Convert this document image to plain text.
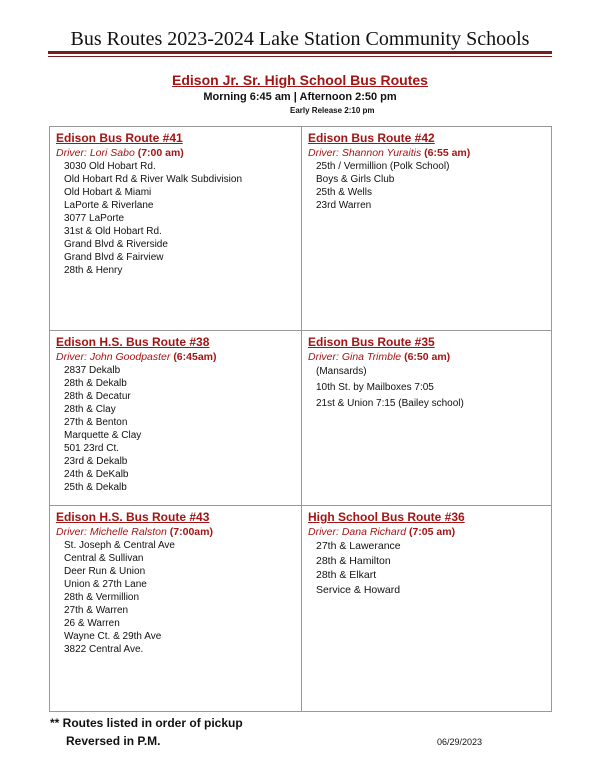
Bus Routes 2023-2024 Lake Station Community Schools
Edison Jr. Sr. High School Bus Routes
Morning 6:45 am | Afternoon 2:50 pm
Early Release 2:10 pm
Edison Bus Route #41
Driver: Lori Sabo (7:00 am)
3030 Old Hobart Rd.
Old Hobart Rd & River Walk Subdivision
Old Hobart & Miami
LaPorte & Riverlane
3077 LaPorte
31st & Old Hobart Rd.
Grand Blvd & Riverside
Grand Blvd & Fairview
28th & Henry
Edison Bus Route #42
Driver: Shannon Yuraitis (6:55 am)
25th / Vermillion (Polk School)
Boys & Girls Club
25th & Wells
23rd Warren
Edison H.S. Bus Route #38
Driver: John Goodpaster (6:45am)
2837 Dekalb
28th & Dekalb
28th & Decatur
28th & Clay
27th & Benton
Marquette & Clay
501 23rd Ct.
23rd & Dekalb
24th & DeKalb
25th & Dekalb
Edison Bus Route #35
Driver: Gina Trimble (6:50 am)
(Mansards)
10th St. by Mailboxes 7:05
21st & Union 7:15 (Bailey school)
Edison H.S. Bus Route #43
Driver: Michelle Ralston (7:00am)
St. Joseph & Central Ave
Central & Sullivan
Deer Run & Union
Union & 27th Lane
28th & Vermillion
27th & Warren
26 & Warren
Wayne Ct. & 29th Ave
3822 Central Ave.
High School Bus Route #36
Driver: Dana Richard (7:05 am)
27th & Lawerance
28th & Hamilton
28th & Elkart
Service & Howard
** Routes listed in order of pickup
Reversed in P.M.	06/29/2023
